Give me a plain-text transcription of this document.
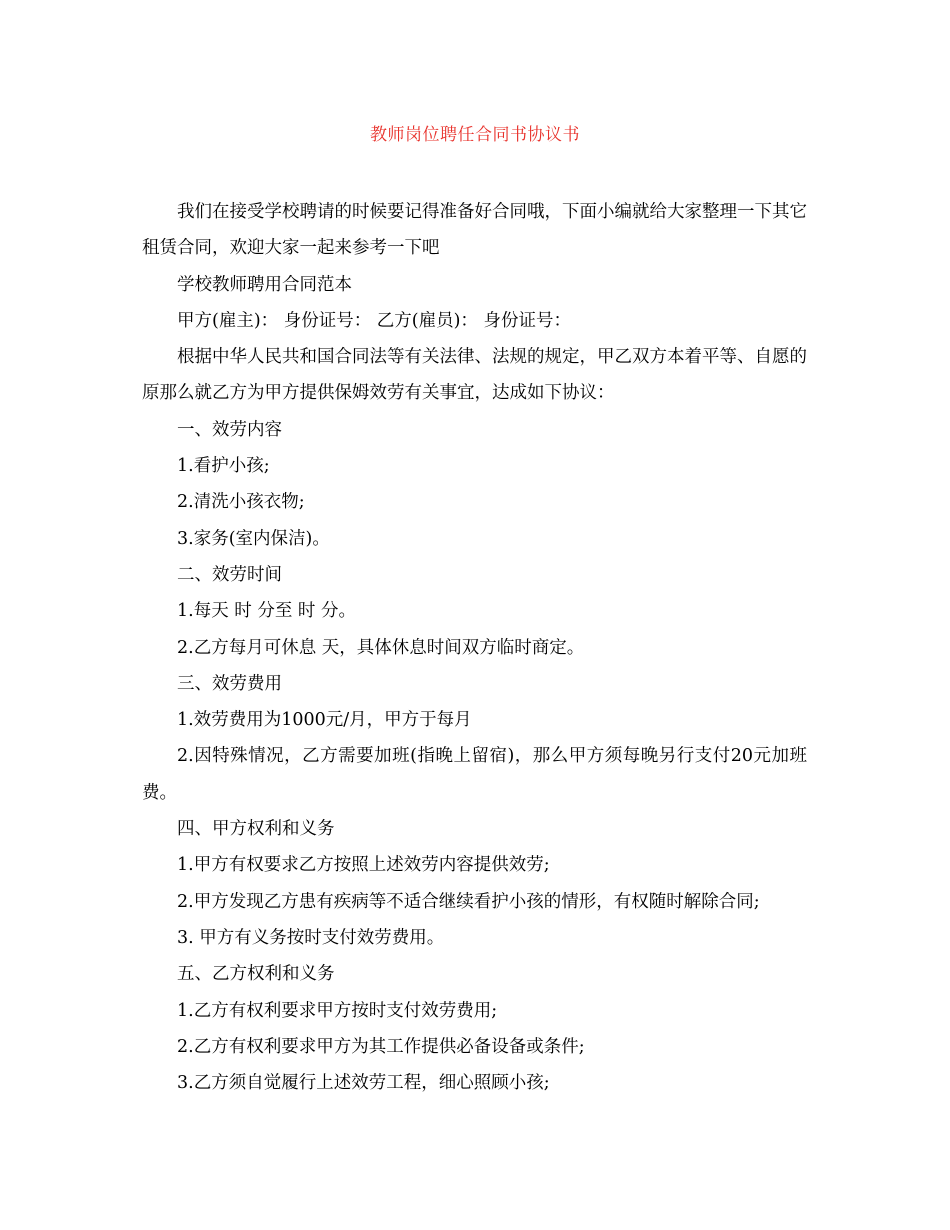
教师岗位聘任合同书协议书

我们在接受学校聘请的时候要记得准备好合同哦，下面小编就给大家整理一下其它租赁合同，欢迎大家一起来参考一下吧

学校教师聘用合同范本

甲方(雇主)： 身份证号： 乙方(雇员)： 身份证号：

根据中华人民共和国合同法等有关法律、法规的规定，甲乙双方本着平等、自愿的原那么就乙方为甲方提供保姆效劳有关事宜，达成如下协议：

一、效劳内容

1.看护小孩;

2.清洗小孩衣物;

3.家务(室内保洁)。

二、效劳时间

1.每天 时 分至 时 分。

2.乙方每月可休息 天，具体休息时间双方临时商定。

三、效劳费用

1.效劳费用为1000元/月，甲方于每月

2.因特殊情况，乙方需要加班(指晚上留宿)，那么甲方须每晚另行支付20元加班费。

四、甲方权利和义务

1.甲方有权要求乙方按照上述效劳内容提供效劳;

2.甲方发现乙方患有疾病等不适合继续看护小孩的情形，有权随时解除合同;

3. 甲方有义务按时支付效劳费用。

五、乙方权利和义务

1.乙方有权利要求甲方按时支付效劳费用;

2.乙方有权利要求甲方为其工作提供必备设备或条件;

3.乙方须自觉履行上述效劳工程，细心照顾小孩;
